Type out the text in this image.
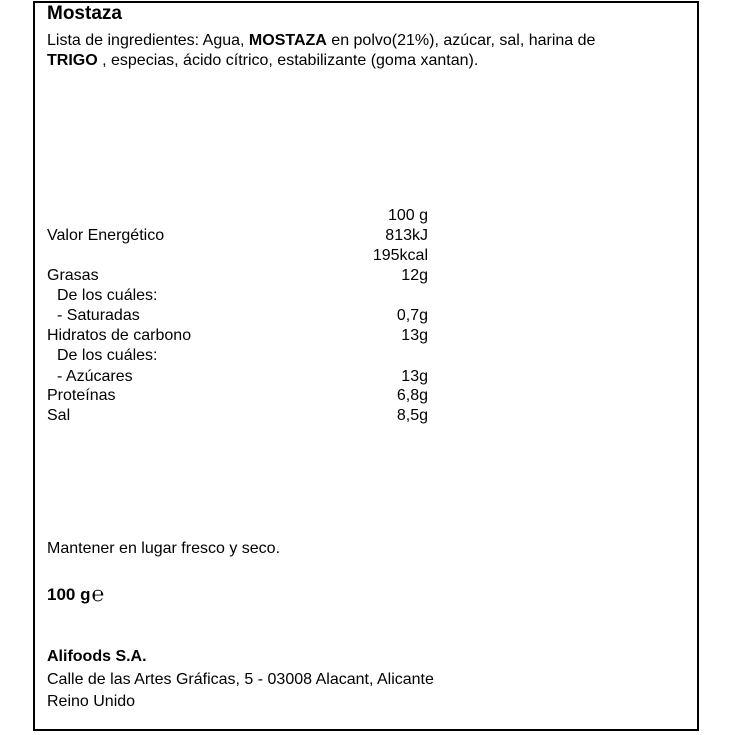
Mostaza
Lista de ingredientes: Agua, MOSTAZA en polvo(21%), azúcar, sal, harina de
TRIGO , especias, ácido cítrico, estabilizante (goma xantan).
100 g
Valor Energético	813kJ
195kcal
Grasas	12g
De los cuáles:
- Saturadas	0,7g
Hidratos de carbono	13g
De los cuáles:
- Azúcares	13g
Proteínas	6,8g
Sal	8,5g
Mantener en lugar fresco y seco.
100 g℮
Alifoods S.A.
Calle de las Artes Gráficas, 5 - 03008 Alacant, Alicante
Reino Unido
